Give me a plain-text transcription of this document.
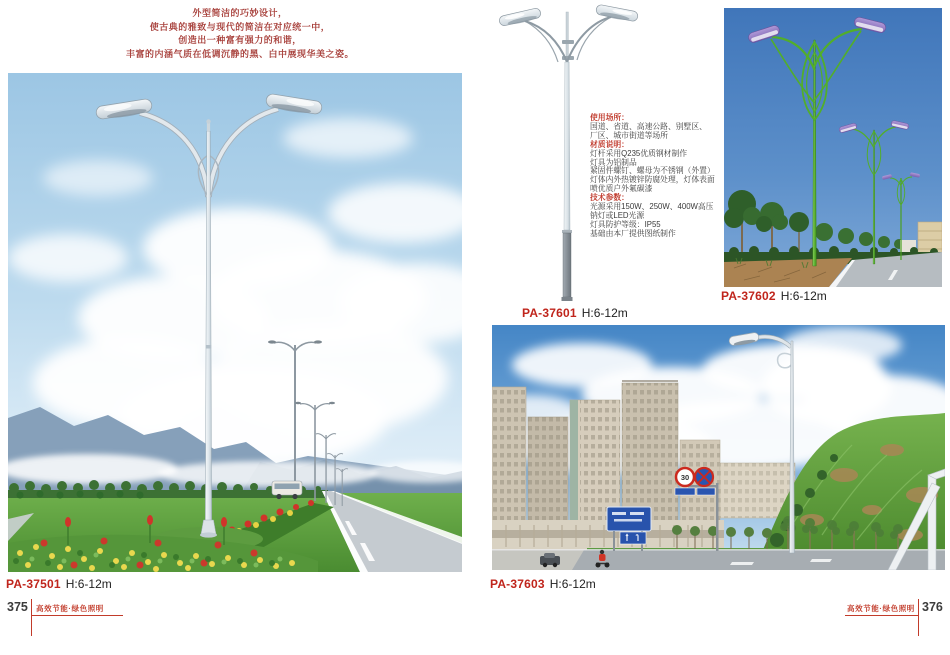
外型简洁的巧妙设计，
使古典的雅致与现代的简洁在对应统一中，
创造出一种富有强力的和谐，
丰富的内涵气质在低调沉静的黑、白中展现华美之姿。
使用场所：
国道、省道、高速公路、别墅区、
厂区、城市街道等场所
材质说明：
灯杆采用Q235优质钢材制作
灯具为铝制品
紧固件螺钉、螺母为不锈钢（外置）
灯体内外热镀锌防腐处理，灯体表面
喷优质户外氟碳漆
技术参数：
光源采用150W、250W、400W高压
钠灯或LED光源
灯具防护等级：IP55
基础由本厂提供图纸制作
30
PA-37501 H:6-12m
PA-37601 H:6-12m
PA-37602 H:6-12m
PA-37603 H:6-12m
375 高效节能·绿色照明	高效节能·绿色照明 376
